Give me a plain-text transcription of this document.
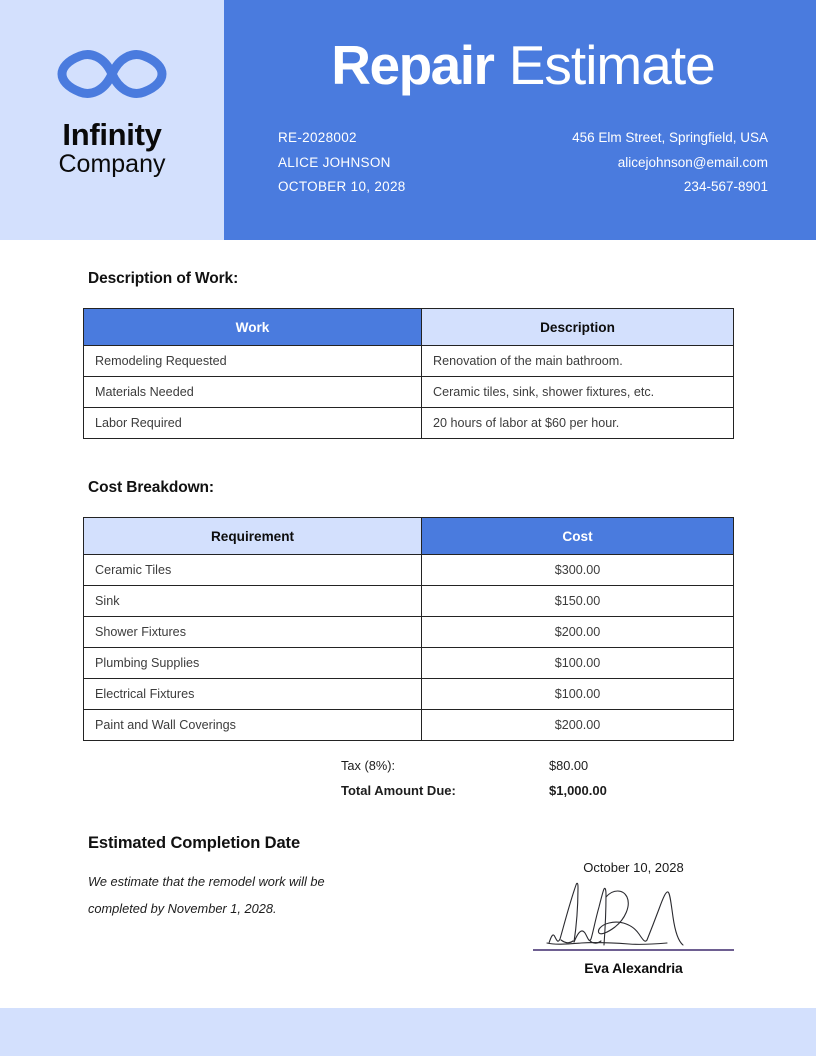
Infinity
Company
Repair Estimate
RE-2028002
ALICE JOHNSON
OCTOBER 10, 2028
456 Elm Street, Springfield, USA
alicejohnson@email.com
234-567-8901
Description of Work:
Work	Description
Remodeling Requested	Renovation of the main bathroom.
Materials Needed	Ceramic tiles, sink, shower fixtures, etc.
Labor Required	20 hours of labor at $60 per hour.
Cost Breakdown:
Requirement	Cost
Ceramic Tiles	$300.00
Sink	$150.00
Shower Fixtures	$200.00
Plumbing Supplies	$100.00
Electrical Fixtures	$100.00
Paint and Wall Coverings	$200.00
Tax (8%):	$80.00
Total Amount Due:	$1,000.00
Estimated Completion Date
We estimate that the remodel work will be completed by November 1, 2028.
October 10, 2028
Eva Alexandria
